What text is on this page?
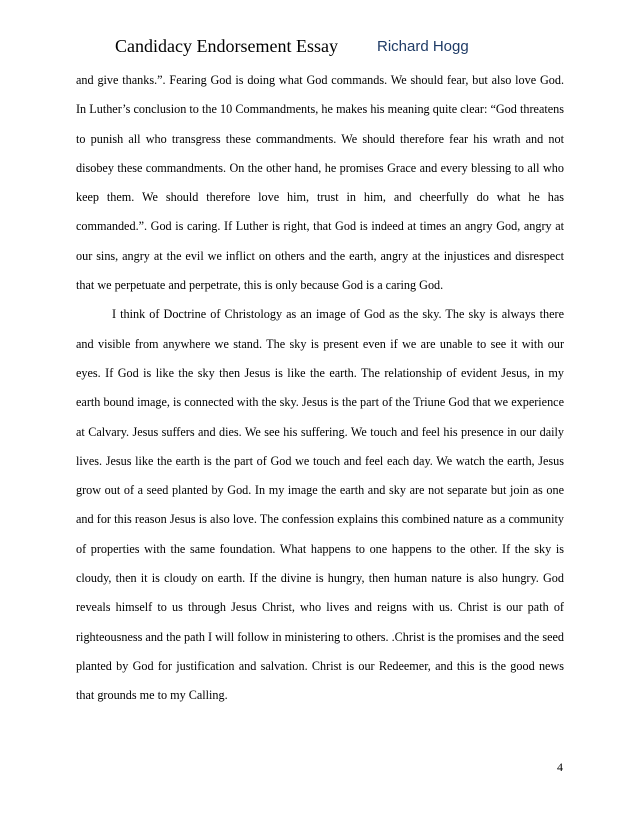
Candidacy Endorsement Essay	Richard Hogg

and give thanks.”. Fearing God is doing what God commands. We should fear, but also love God. In Luther’s conclusion to the 10 Commandments, he makes his meaning quite clear: “God threatens to punish all who transgress these commandments. We should therefore fear his wrath and not disobey these commandments. On the other hand, he promises Grace and every blessing to all who keep them. We should therefore love him, trust in him, and cheerfully do what he has commanded.”. God is caring. If Luther is right, that God is indeed at times an angry God, angry at our sins, angry at the evil we inflict on others and the earth, angry at the injustices and disrespect that we perpetuate and perpetrate, this is only because God is a caring God.

I think of Doctrine of Christology as an image of God as the sky. The sky is always there and visible from anywhere we stand. The sky is present even if we are unable to see it with our eyes. If God is like the sky then Jesus is like the earth. The relationship of evident Jesus, in my earth bound image, is connected with the sky. Jesus is the part of the Triune God that we experience at Calvary. Jesus suffers and dies. We see his suffering. We touch and feel his presence in our daily lives. Jesus like the earth is the part of God we touch and feel each day. We watch the earth, Jesus grow out of a seed planted by God. In my image the earth and sky are not separate but join as one and for this reason Jesus is also love. The confession explains this combined nature as a community of properties with the same foundation. What happens to one happens to the other. If the sky is cloudy, then it is cloudy on earth. If the divine is hungry, then human nature is also hungry. God reveals himself to us through Jesus Christ, who lives and reigns with us. Christ is our path of righteousness and the path I will follow in ministering to others. .Christ is the promises and the seed planted by God for justification and salvation. Christ is our Redeemer, and this is the good news that grounds me to my Calling.

4
